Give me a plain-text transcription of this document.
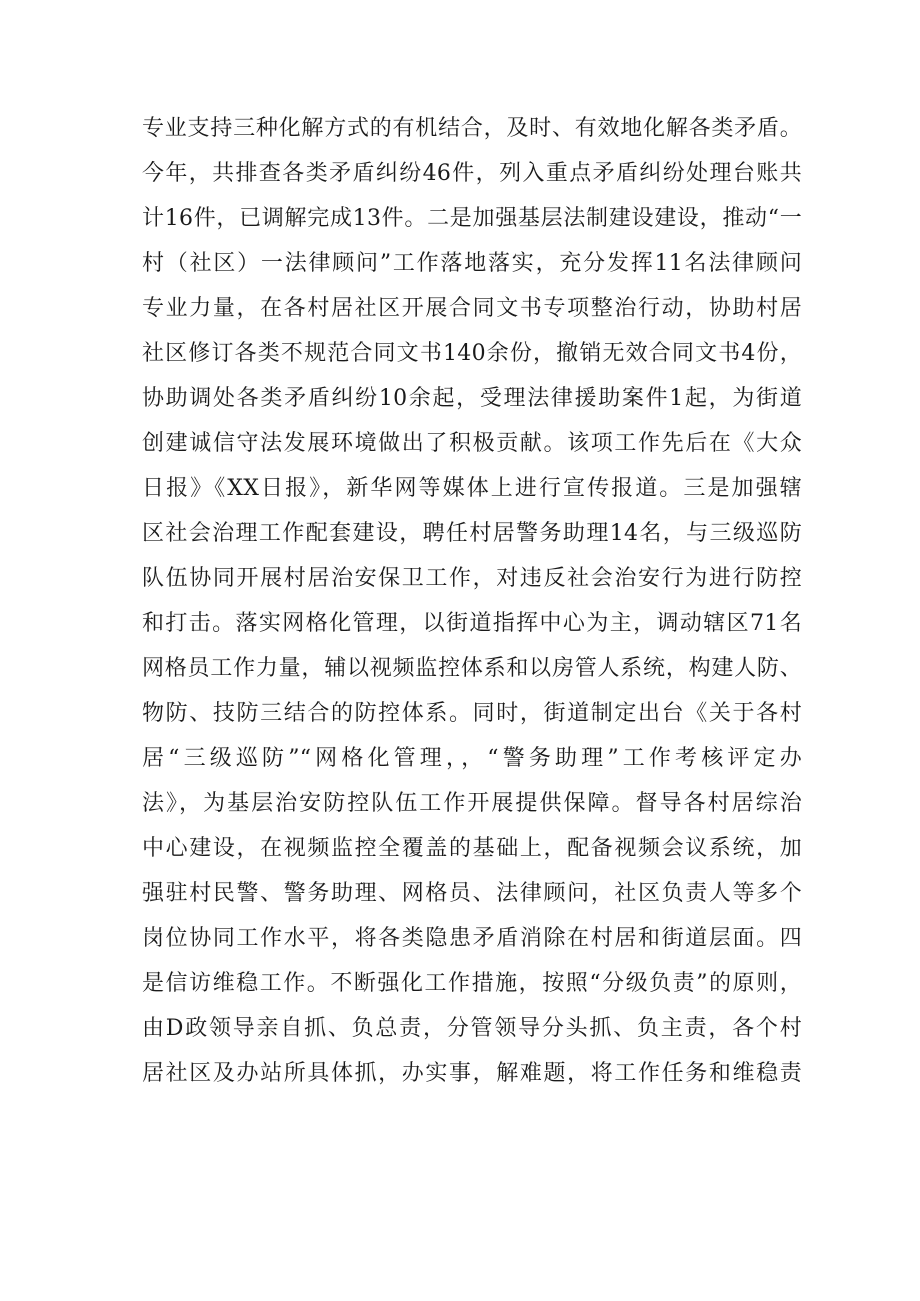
专业支持三种化解方式的有机结合，及时、有效地化解各类矛盾。
今年，共排查各类矛盾纠纷46件，列入重点矛盾纠纷处理台账共
计16件，已调解完成13件。二是加强基层法制建设建设，推动“一
村（社区）一法律顾问”工作落地落实，充分发挥11名法律顾问
专业力量，在各村居社区开展合同文书专项整治行动，协助村居
社区修订各类不规范合同文书140余份，撤销无效合同文书4份，
协助调处各类矛盾纠纷10余起，受理法律援助案件1起，为街道
创建诚信守法发展环境做出了积极贡献。该项工作先后在《大众
日报》《XX日报》，新华网等媒体上进行宣传报道。三是加强辖
区社会治理工作配套建设，聘任村居警务助理14名，与三级巡防
队伍协同开展村居治安保卫工作，对违反社会治安行为进行防控
和打击。落实网格化管理，以街道指挥中心为主，调动辖区71名
网格员工作力量，辅以视频监控体系和以房管人系统，构建人防、
物防、技防三结合的防控体系。同时，街道制定出台《关于各村
居“三级巡防”“网格化管理，，“警务助理”工作考核评定办
法》，为基层治安防控队伍工作开展提供保障。督导各村居综治
中心建设，在视频监控全覆盖的基础上，配备视频会议系统，加
强驻村民警、警务助理、网格员、法律顾问，社区负责人等多个
岗位协同工作水平，将各类隐患矛盾消除在村居和街道层面。四
是信访维稳工作。不断强化工作措施，按照“分级负责”的原则，
由D政领导亲自抓、负总责，分管领导分头抓、负主责，各个村
居社区及办站所具体抓，办实事，解难题，将工作任务和维稳责
